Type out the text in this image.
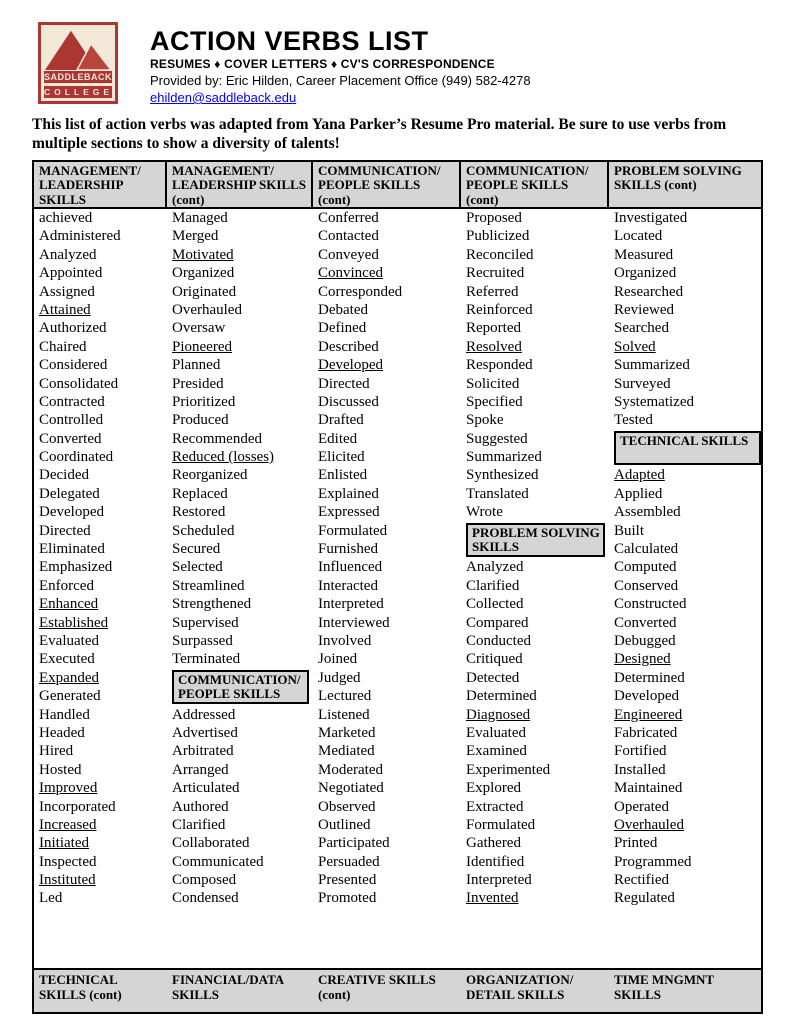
SADDLEBACK
COLLEGE
ACTION VERBS LIST
RESUMES ♦ COVER LETTERS ♦ CV'S CORRESPONDENCE
Provided by: Eric Hilden, Career Placement Office (949) 582-4278
ehilden@saddleback.edu
This list of action verbs was adapted from Yana Parker’s Resume Pro material. Be sure to use verbs from multiple sections to show a diversity of talents!
MANAGEMENT/
LEADERSHIP
SKILLS
MANAGEMENT/
LEADERSHIP SKILLS
(cont)
COMMUNICATION/
PEOPLE SKILLS
(cont)
COMMUNICATION/
PEOPLE SKILLS
(cont)
PROBLEM SOLVING
SKILLS (cont)
achieved
Administered
Analyzed
Appointed
Assigned
Attained
Authorized
Chaired
Considered
Consolidated
Contracted
Controlled
Converted
Coordinated
Decided
Delegated
Developed
Directed
Eliminated
Emphasized
Enforced
Enhanced
Established
Evaluated
Executed
Expanded
Generated
Handled
Headed
Hired
Hosted
Improved
Incorporated
Increased
Initiated
Inspected
Instituted
Led
Managed
Merged
Motivated
Organized
Originated
Overhauled
Oversaw
Pioneered
Planned
Presided
Prioritized
Produced
Recommended
Reduced (losses)
Reorganized
Replaced
Restored
Scheduled
Secured
Selected
Streamlined
Strengthened
Supervised
Surpassed
Terminated
COMMUNICATION/
PEOPLE SKILLS
Addressed
Advertised
Arbitrated
Arranged
Articulated
Authored
Clarified
Collaborated
Communicated
Composed
Condensed
Conferred
Contacted
Conveyed
Convinced
Corresponded
Debated
Defined
Described
Developed
Directed
Discussed
Drafted
Edited
Elicited
Enlisted
Explained
Expressed
Formulated
Furnished
Influenced
Interacted
Interpreted
Interviewed
Involved
Joined
Judged
Lectured
Listened
Marketed
Mediated
Moderated
Negotiated
Observed
Outlined
Participated
Persuaded
Presented
Promoted
Proposed
Publicized
Reconciled
Recruited
Referred
Reinforced
Reported
Resolved
Responded
Solicited
Specified
Spoke
Suggested
Summarized
Synthesized
Translated
Wrote
PROBLEM SOLVING
SKILLS
Analyzed
Clarified
Collected
Compared
Conducted
Critiqued
Detected
Determined
Diagnosed
Evaluated
Examined
Experimented
Explored
Extracted
Formulated
Gathered
Identified
Interpreted
Invented
Investigated
Located
Measured
Organized
Researched
Reviewed
Searched
Solved
Summarized
Surveyed
Systematized
Tested
TECHNICAL SKILLS
Adapted
Applied
Assembled
Built
Calculated
Computed
Conserved
Constructed
Converted
Debugged
Designed
Determined
Developed
Engineered
Fabricated
Fortified
Installed
Maintained
Operated
Overhauled
Printed
Programmed
Rectified
Regulated
TECHNICAL
SKILLS (cont)
FINANCIAL/DATA
SKILLS
CREATIVE SKILLS
(cont)
ORGANIZATION/
DETAIL SKILLS
TIME MNGMNT
SKILLS
